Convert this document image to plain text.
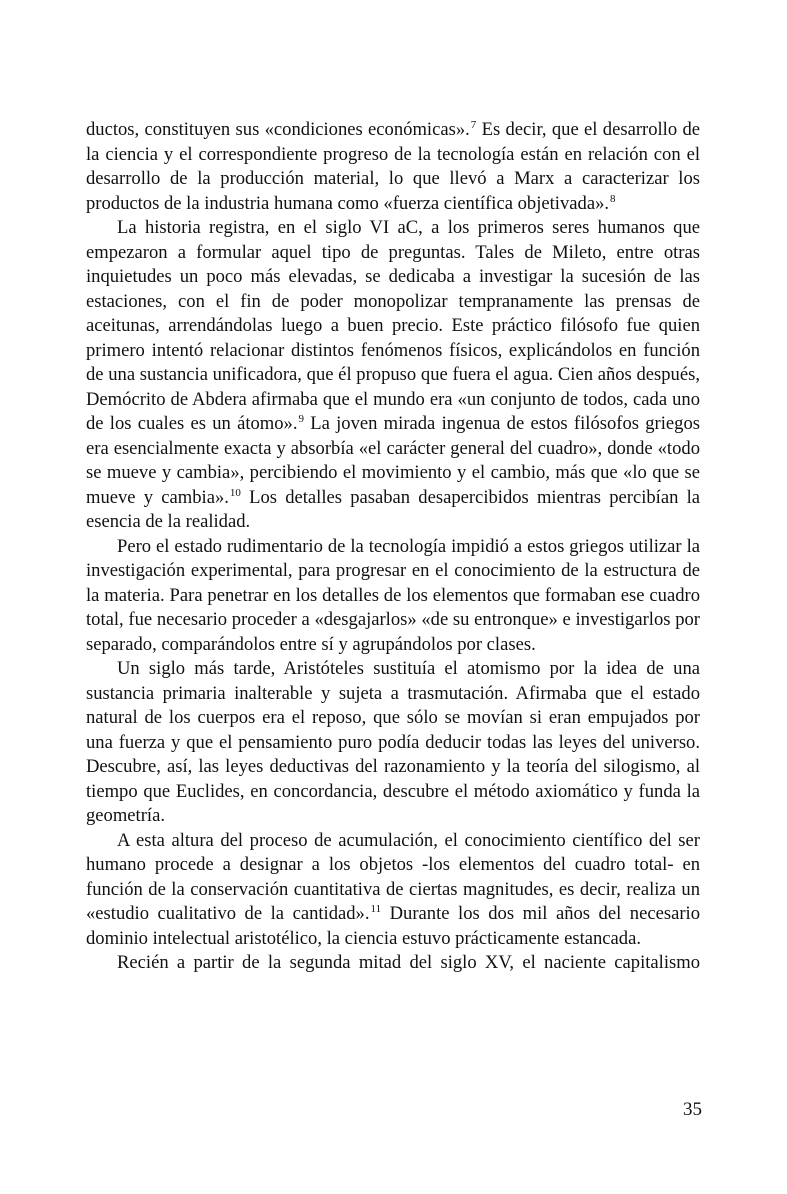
ductos, constituyen sus «condiciones económicas».$^7$ Es decir, que el desarrollo de la ciencia y el correspondiente progreso de la tecnología están en relación con el desarrollo de la producción material, lo que llevó a Marx a caracterizar los productos de la industria humana como «fuerza científica objetivada».$^8$

La historia registra, en el siglo VI aC, a los primeros seres humanos que empezaron a formular aquel tipo de preguntas. Tales de Mileto, entre otras inquietudes un poco más elevadas, se dedicaba a investigar la sucesión de las estaciones, con el fin de poder monopolizar tempranamente las prensas de aceitunas, arrendándolas luego a buen precio. Este práctico filósofo fue quien primero intentó relacionar distintos fenómenos físicos, explicándolos en función de una sustancia unificadora, que él propuso que fuera el agua. Cien años después, Demócrito de Abdera afirmaba que el mundo era «un conjunto de todos, cada uno de los cuales es un átomo».$^9$ La joven mirada ingenua de estos filósofos griegos era esencialmente exacta y absorbía «el carácter general del cuadro», donde «todo se mueve y cambia», percibiendo el movimiento y el cambio, más que «lo que se mueve y cambia».$^{10}$ Los detalles pasaban desapercibidos mientras percibían la esencia de la realidad.

Pero el estado rudimentario de la tecnología impidió a estos griegos utilizar la investigación experimental, para progresar en el conocimiento de la estructura de la materia. Para penetrar en los detalles de los elementos que formaban ese cuadro total, fue necesario proceder a «desgajarlos» «de su entronque» e investigarlos por separado, comparándolos entre sí y agrupándolos por clases.

Un siglo más tarde, Aristóteles sustituía el atomismo por la idea de una sustancia primaria inalterable y sujeta a trasmutación. Afirmaba que el estado natural de los cuerpos era el reposo, que sólo se movían si eran empujados por una fuerza y que el pensamiento puro podía deducir todas las leyes del universo. Descubre, así, las leyes deductivas del razonamiento y la teoría del silogismo, al tiempo que Euclides, en concordancia, descubre el método axiomático y funda la geometría.

A esta altura del proceso de acumulación, el conocimiento científico del ser humano procede a designar a los objetos -los elementos del cuadro total- en función de la conservación cuantitativa de ciertas magnitudes, es decir, realiza un «estudio cualitativo de la cantidad».$^{11}$ Durante los dos mil años del necesario dominio intelectual aristotélico, la ciencia estuvo prácticamente estancada.

Recién a partir de la segunda mitad del siglo XV, el naciente capitalismo

35
